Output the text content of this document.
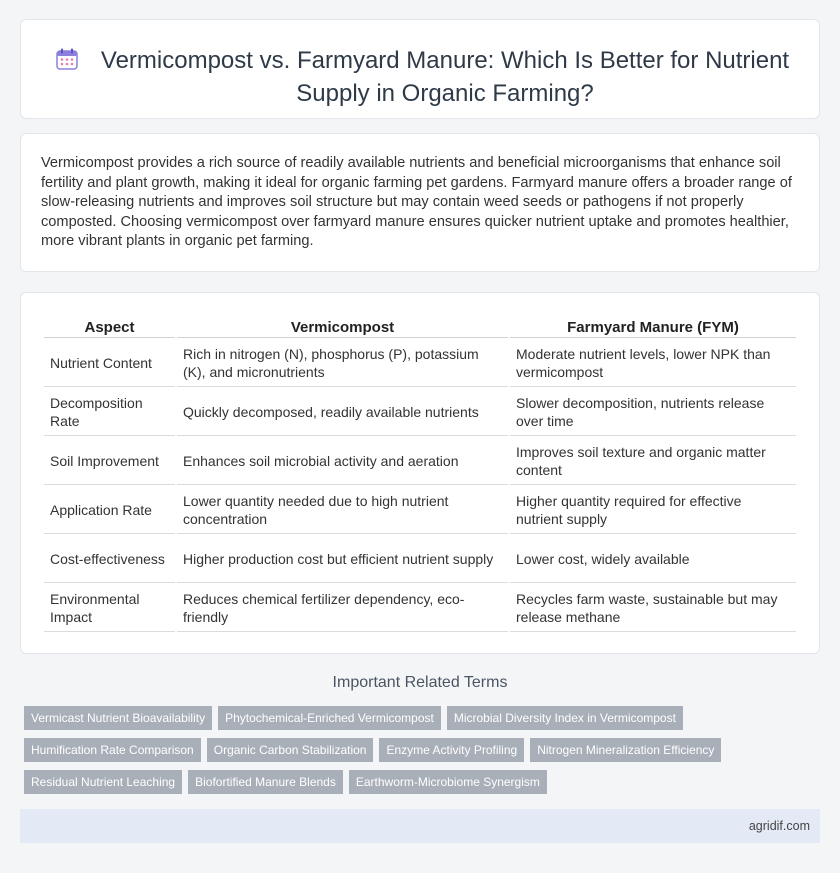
Vermicompost vs. Farmyard Manure: Which Is Better for Nutrient Supply in Organic Farming?

Vermicompost provides a rich source of readily available nutrients and beneficial microorganisms that enhance soil fertility and plant growth, making it ideal for organic farming pet gardens. Farmyard manure offers a broader range of slow-releasing nutrients and improves soil structure but may contain weed seeds or pathogens if not properly composted. Choosing vermicompost over farmyard manure ensures quicker nutrient uptake and promotes healthier, more vibrant plants in organic pet farming.

Aspect	Vermicompost	Farmyard Manure (FYM)
Nutrient Content	Rich in nitrogen (N), phosphorus (P), potassium (K), and micronutrients	Moderate nutrient levels, lower NPK than vermicompost
Decomposition Rate	Quickly decomposed, readily available nutrients	Slower decomposition, nutrients release over time
Soil Improvement	Enhances soil microbial activity and aeration	Improves soil texture and organic matter content
Application Rate	Lower quantity needed due to high nutrient concentration	Higher quantity required for effective nutrient supply
Cost-effectiveness	Higher production cost but efficient nutrient supply	Lower cost, widely available
Environmental Impact	Reduces chemical fertilizer dependency, eco-friendly	Recycles farm waste, sustainable but may release methane
Important Related Terms
Vermicast Nutrient Bioavailability	Phytochemical-Enriched Vermicompost	Microbial Diversity Index in Vermicompost
Humification Rate Comparison	Organic Carbon Stabilization	Enzyme Activity Profiling	Nitrogen Mineralization Efficiency
Residual Nutrient Leaching	Biofortified Manure Blends	Earthworm-Microbiome Synergism
agridif.com
